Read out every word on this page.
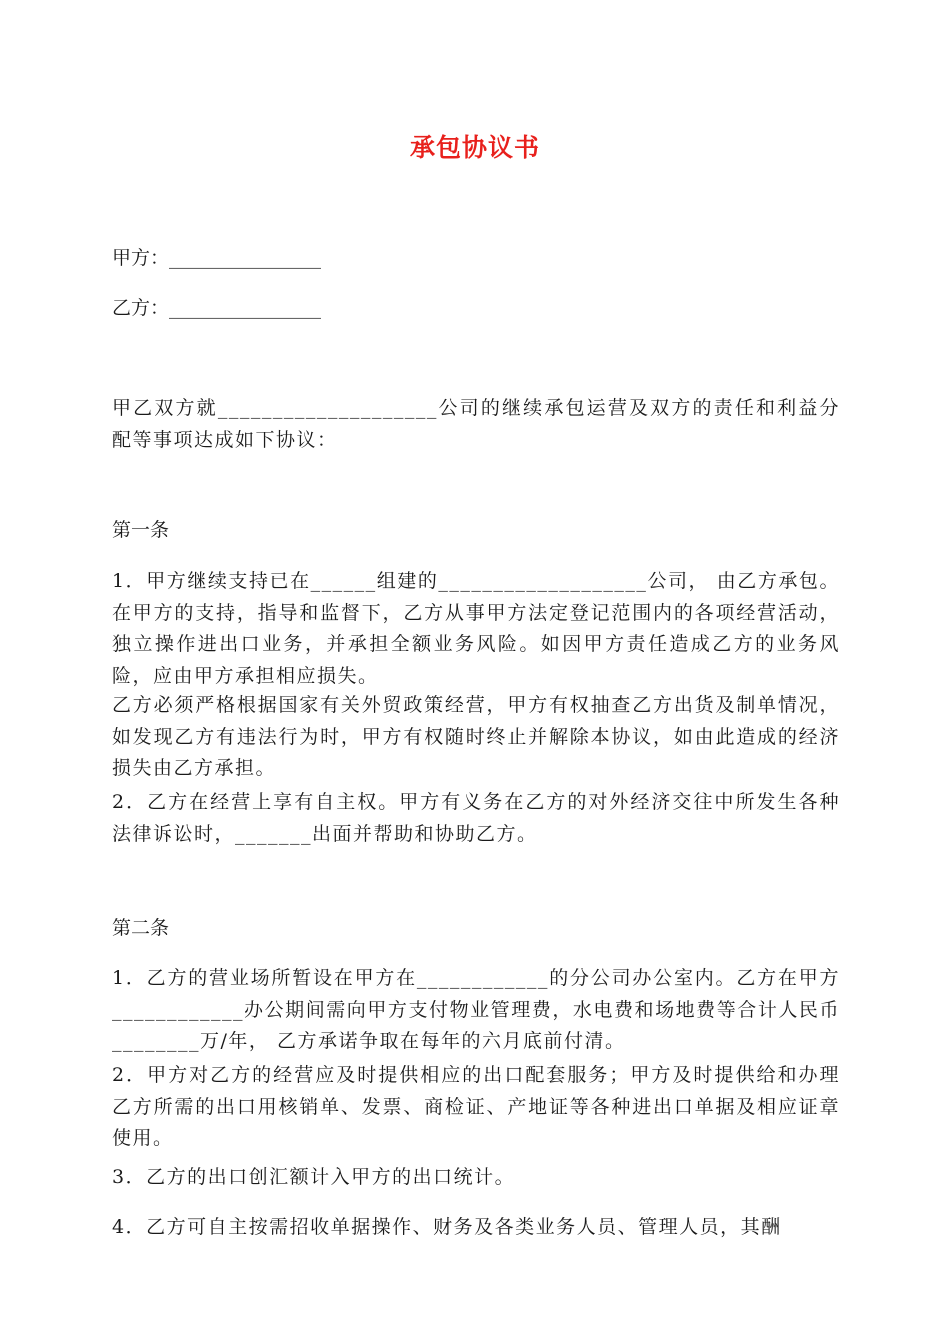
承包协议书
甲方：________________
乙方：________________
甲乙双方就____________________公司的继续承包运营及双方的责任和利益分配等事项达成如下协议：
第一条
1．甲方继续支持已在______组建的___________________公司， 由乙方承包。在甲方的支持，指导和监督下，乙方从事甲方法定登记范围内的各项经营活动，独立操作进出口业务，并承担全额业务风险。如因甲方责任造成乙方的业务风险，应由甲方承担相应损失。
乙方必须严格根据国家有关外贸政策经营，甲方有权抽查乙方出货及制单情况，如发现乙方有违法行为时，甲方有权随时终止并解除本协议，如由此造成的经济损失由乙方承担。
2．乙方在经营上享有自主权。甲方有义务在乙方的对外经济交往中所发生各种法律诉讼时，_______出面并帮助和协助乙方。
第二条
1．乙方的营业场所暂设在甲方在____________的分公司办公室内。乙方在甲方____________办公期间需向甲方支付物业管理费，水电费和场地费等合计人民币________万/年， 乙方承诺争取在每年的六月底前付清。
2．甲方对乙方的经营应及时提供相应的出口配套服务；甲方及时提供给和办理乙方所需的出口用核销单、发票、商检证、产地证等各种进出口单据及相应证章使用。
3．乙方的出口创汇额计入甲方的出口统计。
4．乙方可自主按需招收单据操作、财务及各类业务人员、管理人员，其酬
